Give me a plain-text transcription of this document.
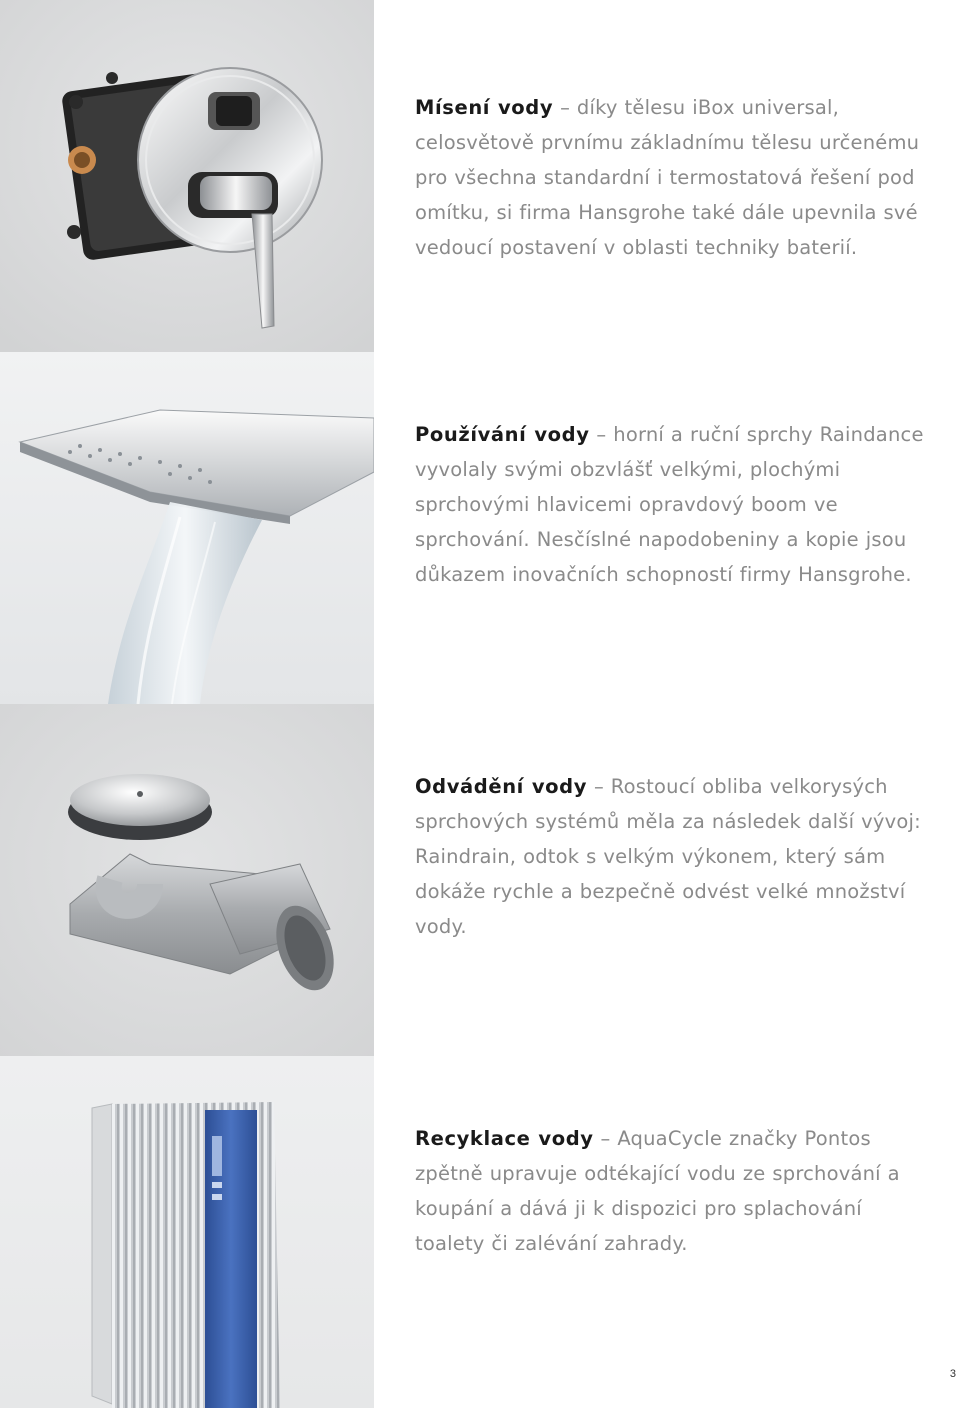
Mísení vody – díky tělesu iBox universal, celosvětově prvnímu základnímu tělesu určenému pro všechna standardní i termostatová řešení pod omítku, si firma Hansgrohe také dále upevnila své vedoucí postavení v oblasti techniky baterií.
Používání vody – horní a ruční sprchy Raindance vyvolaly svými obzvlášť velkými, plochými sprchovými hlavicemi opravdový boom ve sprchování. Nesčíslné napodobeniny a kopie jsou důkazem inovačních schopností firmy Hansgrohe.
Odvádění vody – Rostoucí obliba velkorysých sprchových systémů měla za následek další vývoj: Raindrain, odtok s velkým výkonem, který sám dokáže rychle a bezpečně odvést velké množství vody.
Recyklace vody – AquaCycle značky Pontos zpětně upravuje odtékající vodu ze sprchování a koupání a dává ji k dispozici pro splachování toalety či zalévání zahrady.
3
